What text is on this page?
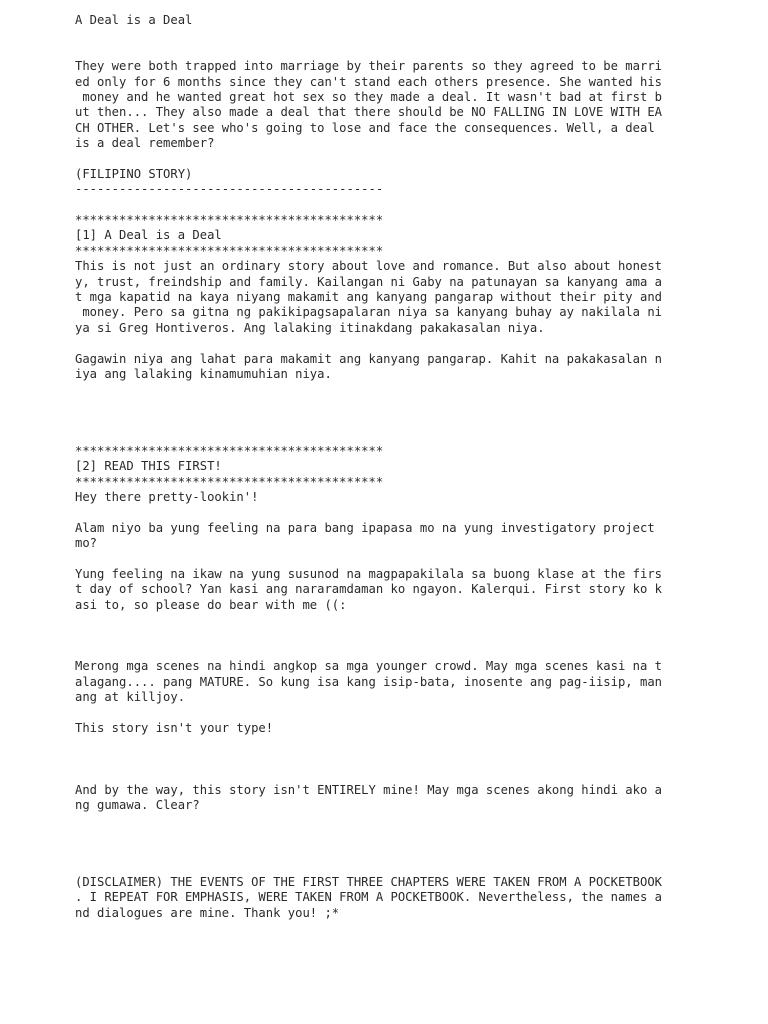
A Deal is a Deal
They were both trapped into marriage by their parents so they agreed to be marri
ed only for 6 months since they can't stand each others presence. She wanted his
money and he wanted great hot sex so they made a deal. It wasn't bad at first b
ut then... They also made a deal that there should be NO FALLING IN LOVE WITH EA
CH OTHER. Let's see who's going to lose and face the consequences. Well, a deal
is a deal remember?
(FILIPINO STORY)
------------------------------------------
******************************************
[1] A Deal is a Deal
******************************************
This is not just an ordinary story about love and romance. But also about honest
y, trust, freindship and family. Kailangan ni Gaby na patunayan sa kanyang ama a
t mga kapatid na kaya niyang makamit ang kanyang pangarap without their pity and
money. Pero sa gitna ng pakikipagsapalaran niya sa kanyang buhay ay nakilala ni
ya si Greg Hontiveros. Ang lalaking itinakdang pakakasalan niya.
Gagawin niya ang lahat para makamit ang kanyang pangarap. Kahit na pakakasalan n
iya ang lalaking kinamumuhian niya.
******************************************
[2] READ THIS FIRST!
******************************************
Hey there pretty-lookin'!
Alam niyo ba yung feeling na para bang ipapasa mo na yung investigatory project
mo?
Yung feeling na ikaw na yung susunod na magpapakilala sa buong klase at the firs
t day of school? Yan kasi ang nararamdaman ko ngayon. Kalerqui. First story ko k
asi to, so please do bear with me ((:
Merong mga scenes na hindi angkop sa mga younger crowd. May mga scenes kasi na t
alagang.... pang MATURE. So kung isa kang isip-bata, inosente ang pag-iisip, man
ang at killjoy.
This story isn't your type!
And by the way, this story isn't ENTIRELY mine! May mga scenes akong hindi ako a
ng gumawa. Clear?
(DISCLAIMER) THE EVENTS OF THE FIRST THREE CHAPTERS WERE TAKEN FROM A POCKETBOOK
. I REPEAT FOR EMPHASIS, WERE TAKEN FROM A POCKETBOOK. Nevertheless, the names a
nd dialogues are mine. Thank you! ;*
